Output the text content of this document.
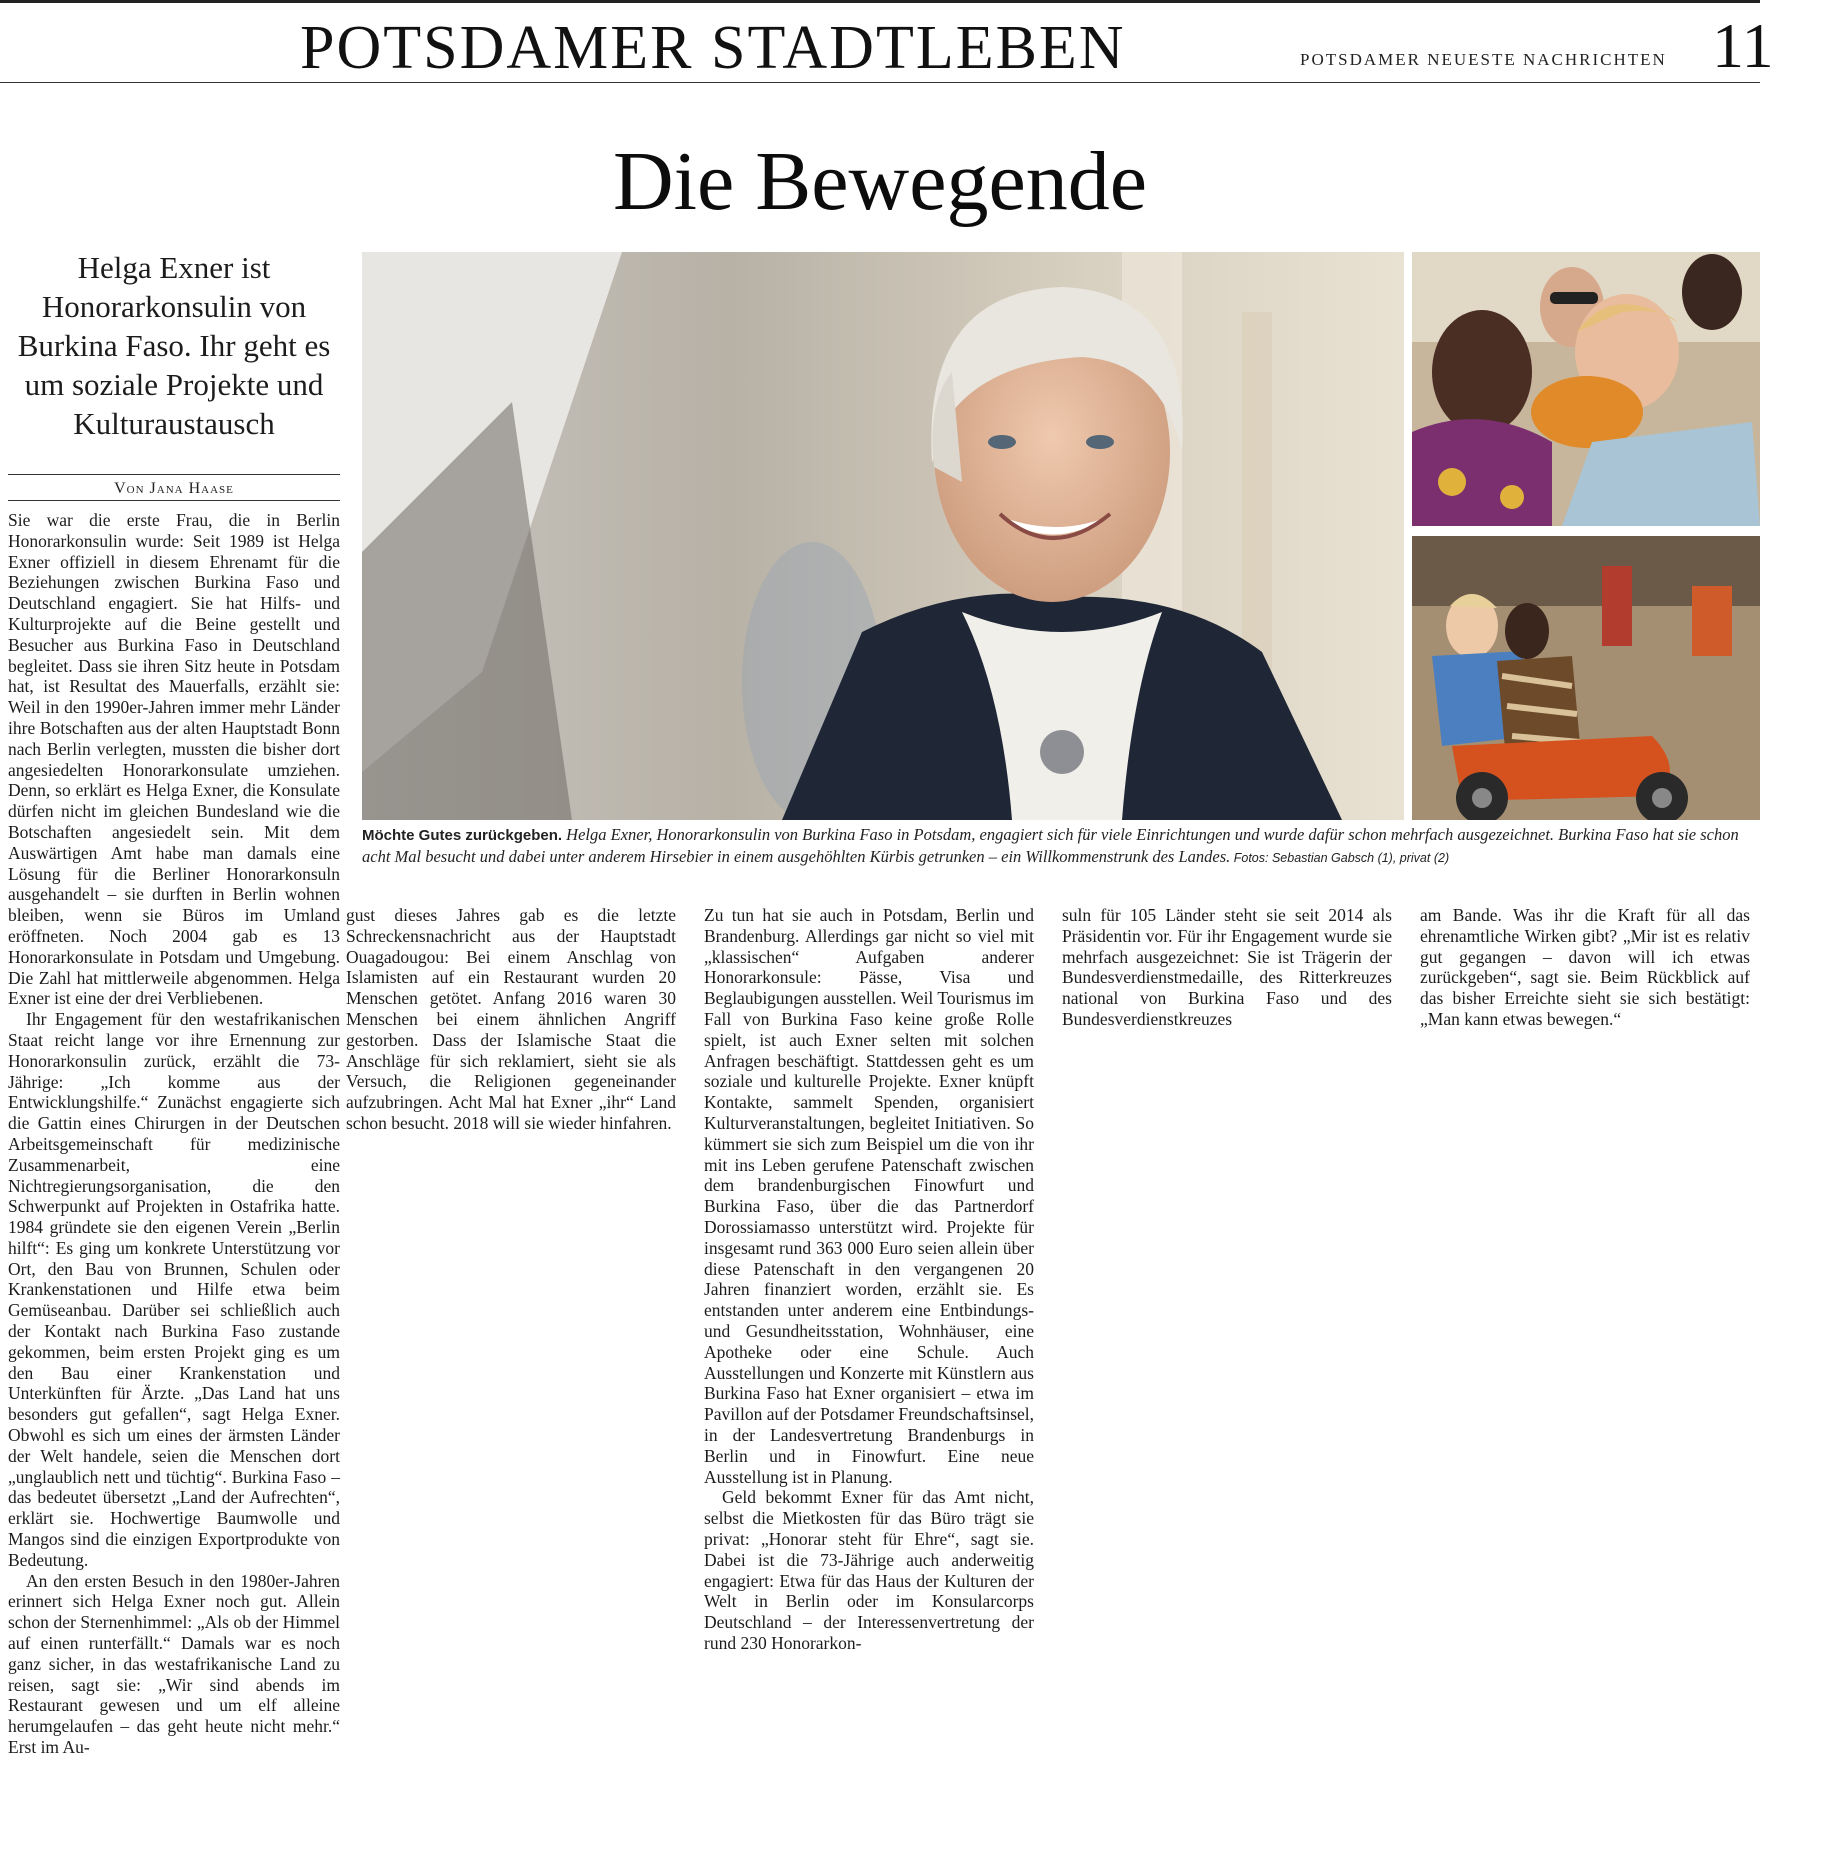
POTSDAMER STADTLEBEN	POTSDAMER NEUESTE NACHRICHTEN 11
Die Bewegende
Helga Exner ist Honorarkonsulin von Burkina Faso. Ihr geht es um soziale Projekte und Kulturaustausch
Von Jana Haase
Möchte Gutes zurückgeben. Helga Exner, Honorarkonsulin von Burkina Faso in Potsdam, engagiert sich für viele Einrichtungen und wurde dafür schon mehrfach ausgezeichnet. Burkina Faso hat sie schon acht Mal besucht und dabei unter anderem Hirsebier in einem ausgehöhlten Kürbis getrunken – ein Willkommenstrunk des Landes. Fotos: Sebastian Gabsch (1), privat (2)

Sie war die erste Frau, die in Berlin Honorarkonsulin wurde: Seit 1989 ist Helga Exner offiziell in diesem Ehrenamt für die Beziehungen zwischen Burkina Faso und Deutschland engagiert. Sie hat Hilfs- und Kulturprojekte auf die Beine gestellt und Besucher aus Burkina Faso in Deutschland begleitet. Dass sie ihren Sitz heute in Potsdam hat, ist Resultat des Mauerfalls, erzählt sie: Weil in den 1990er-Jahren immer mehr Länder ihre Botschaften aus der alten Hauptstadt Bonn nach Berlin verlegten, mussten die bisher dort angesiedelten Honorarkonsulate umziehen. Denn, so erklärt es Helga Exner, die Konsulate dürfen nicht im gleichen Bundesland wie die Botschaften angesiedelt sein. Mit dem Auswärtigen Amt habe man damals eine Lösung für die Berliner Honorarkonsuln ausgehandelt – sie durften in Berlin wohnen bleiben, wenn sie Büros im Umland eröffneten. Noch 2004 gab es 13 Honorarkonsulate in Potsdam und Umgebung. Die Zahl hat mittlerweile abgenommen. Helga Exner ist eine der drei Verbliebenen.

Ihr Engagement für den westafrikanischen Staat reicht lange vor ihre Ernennung zur Honorarkonsulin zurück, erzählt die 73-Jährige: „Ich komme aus der Entwicklungshilfe.“ Zunächst engagierte sich die Gattin eines Chirurgen in der Deutschen Arbeitsgemeinschaft für medizinische Zusammenarbeit, eine Nichtregierungsorganisation, die den Schwerpunkt auf Projekten in Ostafrika hatte. 1984 gründete sie den eigenen Verein „Berlin hilft“: Es ging um konkrete Unterstützung vor Ort, den Bau von Brunnen, Schulen oder Krankenstationen und Hilfe etwa beim Gemüseanbau. Darüber sei schließlich auch der Kontakt nach Burkina Faso zustande gekommen, beim ersten Projekt ging es um den Bau einer Krankenstation und Unterkünften für Ärzte. „Das Land hat uns besonders gut gefallen“, sagt Helga Exner. Obwohl es sich um eines der ärmsten Länder der Welt handele, seien die Menschen dort „unglaublich nett und tüchtig“. Burkina Faso – das bedeutet übersetzt „Land der Aufrechten“, erklärt sie. Hochwertige Baumwolle und Mangos sind die einzigen Exportprodukte von Bedeutung.

An den ersten Besuch in den 1980er-Jahren erinnert sich Helga Exner noch gut. Allein schon der Sternenhimmel: „Als ob der Himmel auf einen runterfällt.“ Damals war es noch ganz sicher, in das westafrikanische Land zu reisen, sagt sie: „Wir sind abends im Restaurant gewesen und um elf alleine herumgelaufen – das geht heute nicht mehr.“ Erst im Au-

gust dieses Jahres gab es die letzte Schreckensnachricht aus der Hauptstadt Ouagadougou: Bei einem Anschlag von Islamisten auf ein Restaurant wurden 20 Menschen getötet. Anfang 2016 waren 30 Menschen bei einem ähnlichen Angriff gestorben. Dass der Islamische Staat die Anschläge für sich reklamiert, sieht sie als Versuch, die Religionen gegeneinander aufzubringen. Acht Mal hat Exner „ihr“ Land schon besucht. 2018 will sie wieder hinfahren.

Zu tun hat sie auch in Potsdam, Berlin und Brandenburg. Allerdings gar nicht so viel mit „klassischen“ Aufgaben anderer Honorarkonsule: Pässe, Visa und Beglaubigungen ausstellen. Weil Tourismus im Fall von Burkina Faso keine große Rolle spielt, ist auch Exner selten mit solchen Anfragen beschäftigt. Stattdessen geht es um soziale und kulturelle Projekte. Exner knüpft Kontakte, sammelt Spenden, organisiert Kulturveranstaltungen, begleitet Initiativen. So kümmert sie sich zum Beispiel um die von ihr mit ins Leben gerufene Patenschaft zwischen dem brandenburgischen Finowfurt und Burkina Faso, über die das Partnerdorf Dorossiamasso unterstützt wird. Projekte für insgesamt rund 363 000 Euro seien allein über diese Patenschaft in den vergangenen 20 Jahren finanziert worden, erzählt sie. Es entstanden unter anderem eine Entbindungs- und Gesundheitsstation, Wohnhäuser, eine Apotheke oder eine Schule. Auch Ausstellungen und Konzerte mit Künstlern aus Burkina Faso hat Exner organisiert – etwa im Pavillon auf der Potsdamer Freundschaftsinsel, in der Landesvertretung Brandenburgs in Berlin und in Finowfurt. Eine neue Ausstellung ist in Planung.

Geld bekommt Exner für das Amt nicht, selbst die Mietkosten für das Büro trägt sie privat: „Honorar steht für Ehre“, sagt sie. Dabei ist die 73-Jährige auch anderweitig engagiert: Etwa für das Haus der Kulturen der Welt in Berlin oder im Konsularcorps Deutschland – der Interessenvertretung der rund 230 Honorarkon-

suln für 105 Länder steht sie seit 2014 als Präsidentin vor. Für ihr Engagement wurde sie mehrfach ausgezeichnet: Sie ist Trägerin der Bundesverdienstmedaille, des Ritterkreuzes national von Burkina Faso und des Bundesverdienstkreuzes

am Bande. Was ihr die Kraft für all das ehrenamtliche Wirken gibt? „Mir ist es relativ gut gegangen – davon will ich etwas zurückgeben“, sagt sie. Beim Rückblick auf das bisher Erreichte sieht sie sich bestätigt: „Man kann etwas bewegen.“
